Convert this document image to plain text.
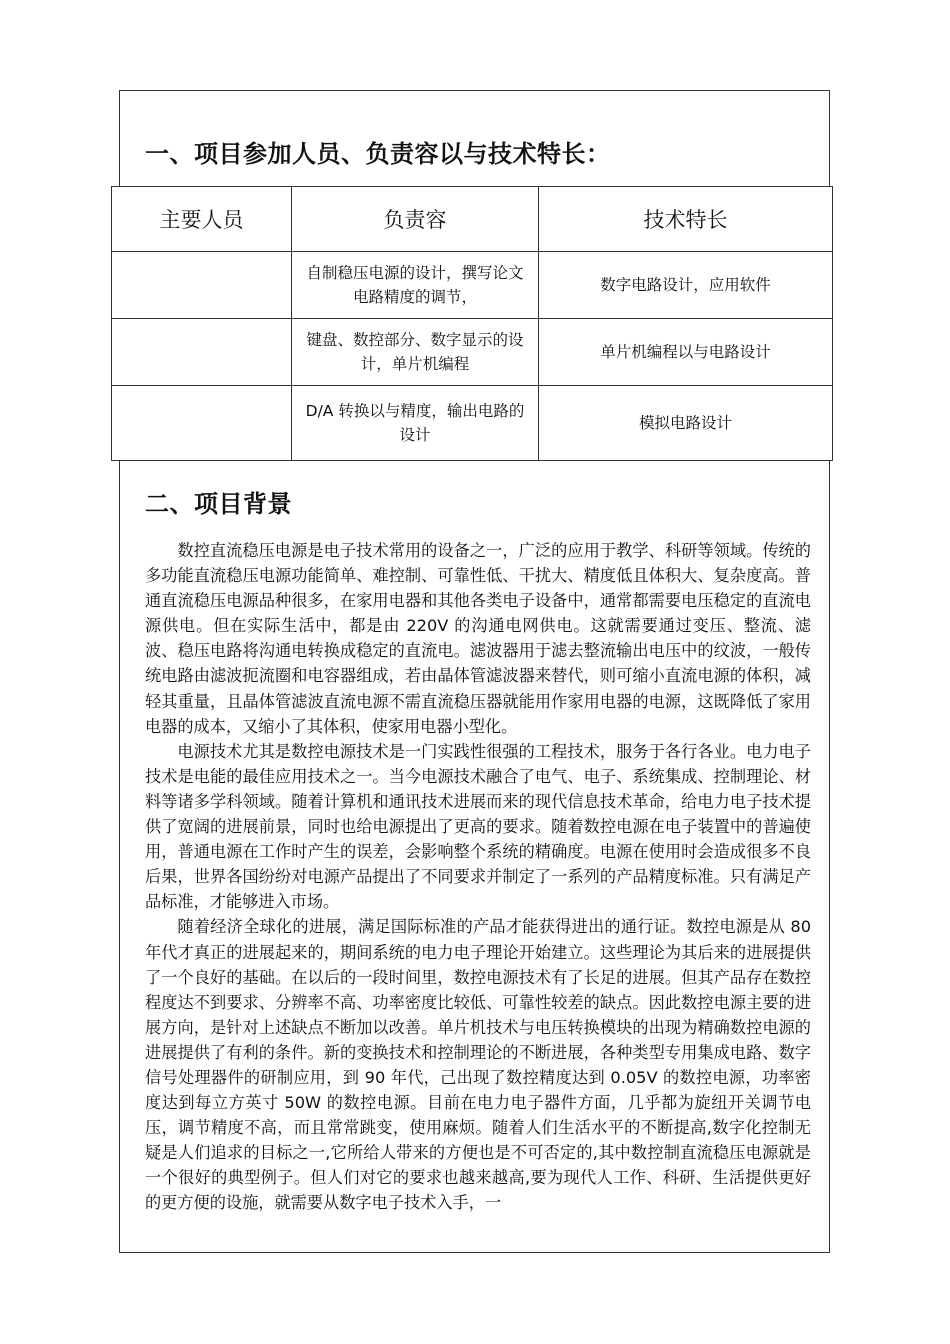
一、项目参加人员、负责容以与技术特长：
主要人员	负责容	技术特长
	自制稳压电源的设计，撰写论文电路精度的调节，	数字电路设计，应用软件
	键盘、数控部分、数字显示的设计，单片机编程	单片机编程以与电路设计
	D/A 转换以与精度，输出电路的设计	模拟电路设计
二、项目背景

数控直流稳压电源是电子技术常用的设备之一，广泛的应用于教学、科研等领域。传统的多功能直流稳压电源功能简单、难控制、可靠性低、干扰大、精度低且体积大、复杂度高。普通直流稳压电源品种很多，在家用电器和其他各类电子设备中，通常都需要电压稳定的直流电源供电。但在实际生活中，都是由 220V 的沟通电网供电。这就需要通过变压、整流、滤波、稳压电路将沟通电转换成稳定的直流电。滤波器用于滤去整流输出电压中的纹波，一般传统电路由滤波扼流圈和电容器组成，若由晶体管滤波器来替代，则可缩小直流电源的体积，减轻其重量，且晶体管滤波直流电源不需直流稳压器就能用作家用电器的电源，这既降低了家用电器的成本，又缩小了其体积，使家用电器小型化。

电源技术尤其是数控电源技术是一门实践性很强的工程技术，服务于各行各业。电力电子技术是电能的最佳应用技术之一。当今电源技术融合了电气、电子、系统集成、控制理论、材料等诸多学科领域。随着计算机和通讯技术进展而来的现代信息技术革命，给电力电子技术提供了宽阔的进展前景，同时也给电源提出了更高的要求。随着数控电源在电子装置中的普遍使用，普通电源在工作时产生的误差，会影响整个系统的精确度。电源在使用时会造成很多不良后果，世界各国纷纷对电源产品提出了不同要求并制定了一系列的产品精度标准。只有满足产品标准，才能够进入市场。

随着经济全球化的进展，满足国际标准的产品才能获得进出的通行证。数控电源是从 80 年代才真正的进展起来的，期间系统的电力电子理论开始建立。这些理论为其后来的进展提供了一个良好的基础。在以后的一段时间里，数控电源技术有了长足的进展。但其产品存在数控程度达不到要求、分辨率不高、功率密度比较低、可靠性较差的缺点。因此数控电源主要的进展方向，是针对上述缺点不断加以改善。单片机技术与电压转换模块的出现为精确数控电源的进展提供了有利的条件。新的变换技术和控制理论的不断进展，各种类型专用集成电路、数字信号处理器件的研制应用，到 90 年代，己出现了数控精度达到 0.05V 的数控电源，功率密度达到每立方英寸 50W 的数控电源。目前在电力电子器件方面，几乎都为旋纽开关调节电压，调节精度不高，而且常常跳变，使用麻烦。随着人们生活水平的不断提高,数字化控制无疑是人们追求的目标之一,它所给人带来的方便也是不可否定的,其中数控制直流稳压电源就是一个很好的典型例子。但人们对它的要求也越来越高,要为现代人工作、科研、生活提供更好的更方便的设施，就需要从数字电子技术入手，一
